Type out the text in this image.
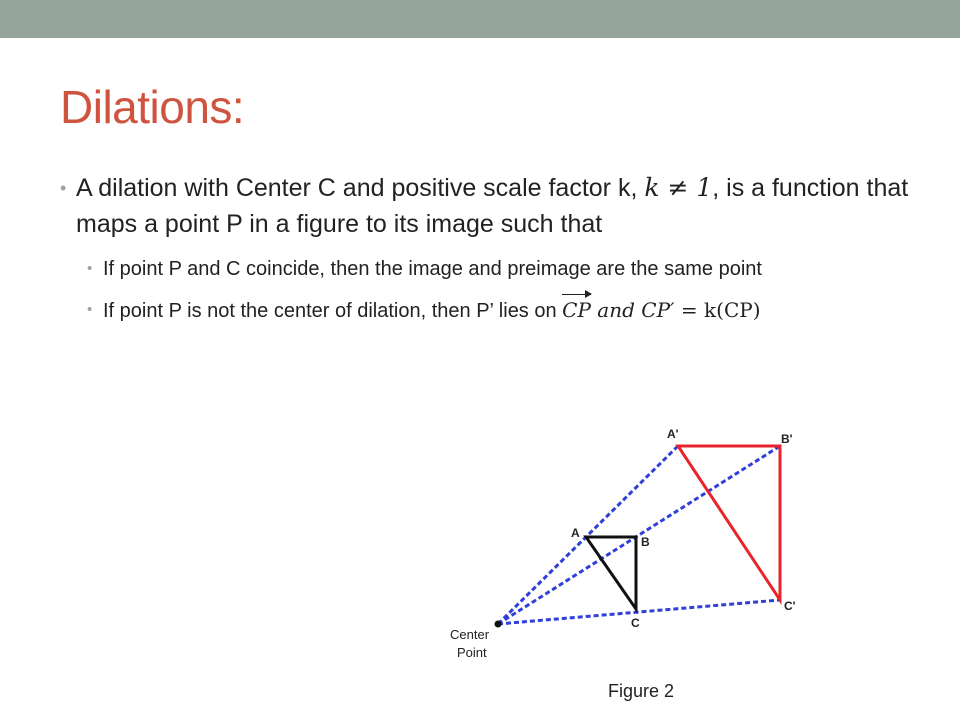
Dilations:
• A dilation with Center C and positive scale factor k, k ≠ 1, is a function that maps a point P in a figure to its image such that
• If point P and C coincide, then the image and preimage are the same point
• If point P is not the center of dilation, then P’ lies on
CP and CP′ = k(CP)
A'	B'
C'
A
B
C
Center
Point
Figure 2
